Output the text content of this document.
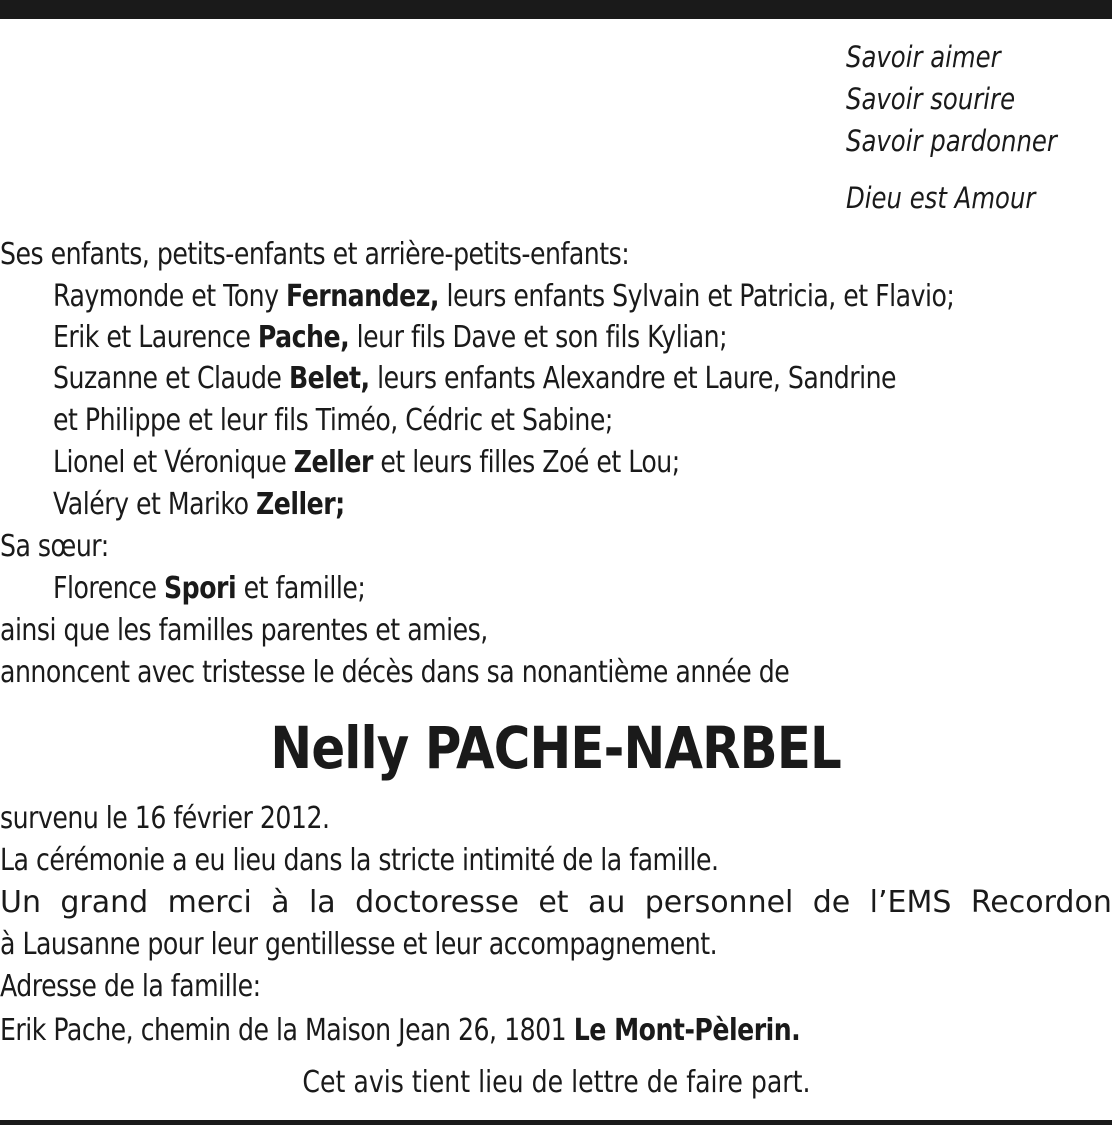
Savoir aimer
Savoir sourire
Savoir pardonner
Dieu est Amour
Ses enfants, petits-enfants et arrière-petits-enfants:
Raymonde et Tony Fernandez, leurs enfants Sylvain et Patricia, et Flavio;
Erik et Laurence Pache, leur fils Dave et son fils Kylian;
Suzanne et Claude Belet, leurs enfants Alexandre et Laure, Sandrine
et Philippe et leur fils Timéo, Cédric et Sabine;
Lionel et Véronique Zeller et leurs filles Zoé et Lou;
Valéry et Mariko Zeller;
Sa sœur:
Florence Spori et famille;
ainsi que les familles parentes et amies,
annoncent avec tristesse le décès dans sa nonantième année de
Nelly PACHE-NARBEL
survenu le 16 février 2012.
La cérémonie a eu lieu dans la stricte intimité de la famille.
Un grand merci à la doctoresse et au personnel de l’EMS Recordon
à Lausanne pour leur gentillesse et leur accompagnement.
Adresse de la famille:
Erik Pache, chemin de la Maison Jean 26, 1801 Le Mont-Pèlerin.
Cet avis tient lieu de lettre de faire part.
